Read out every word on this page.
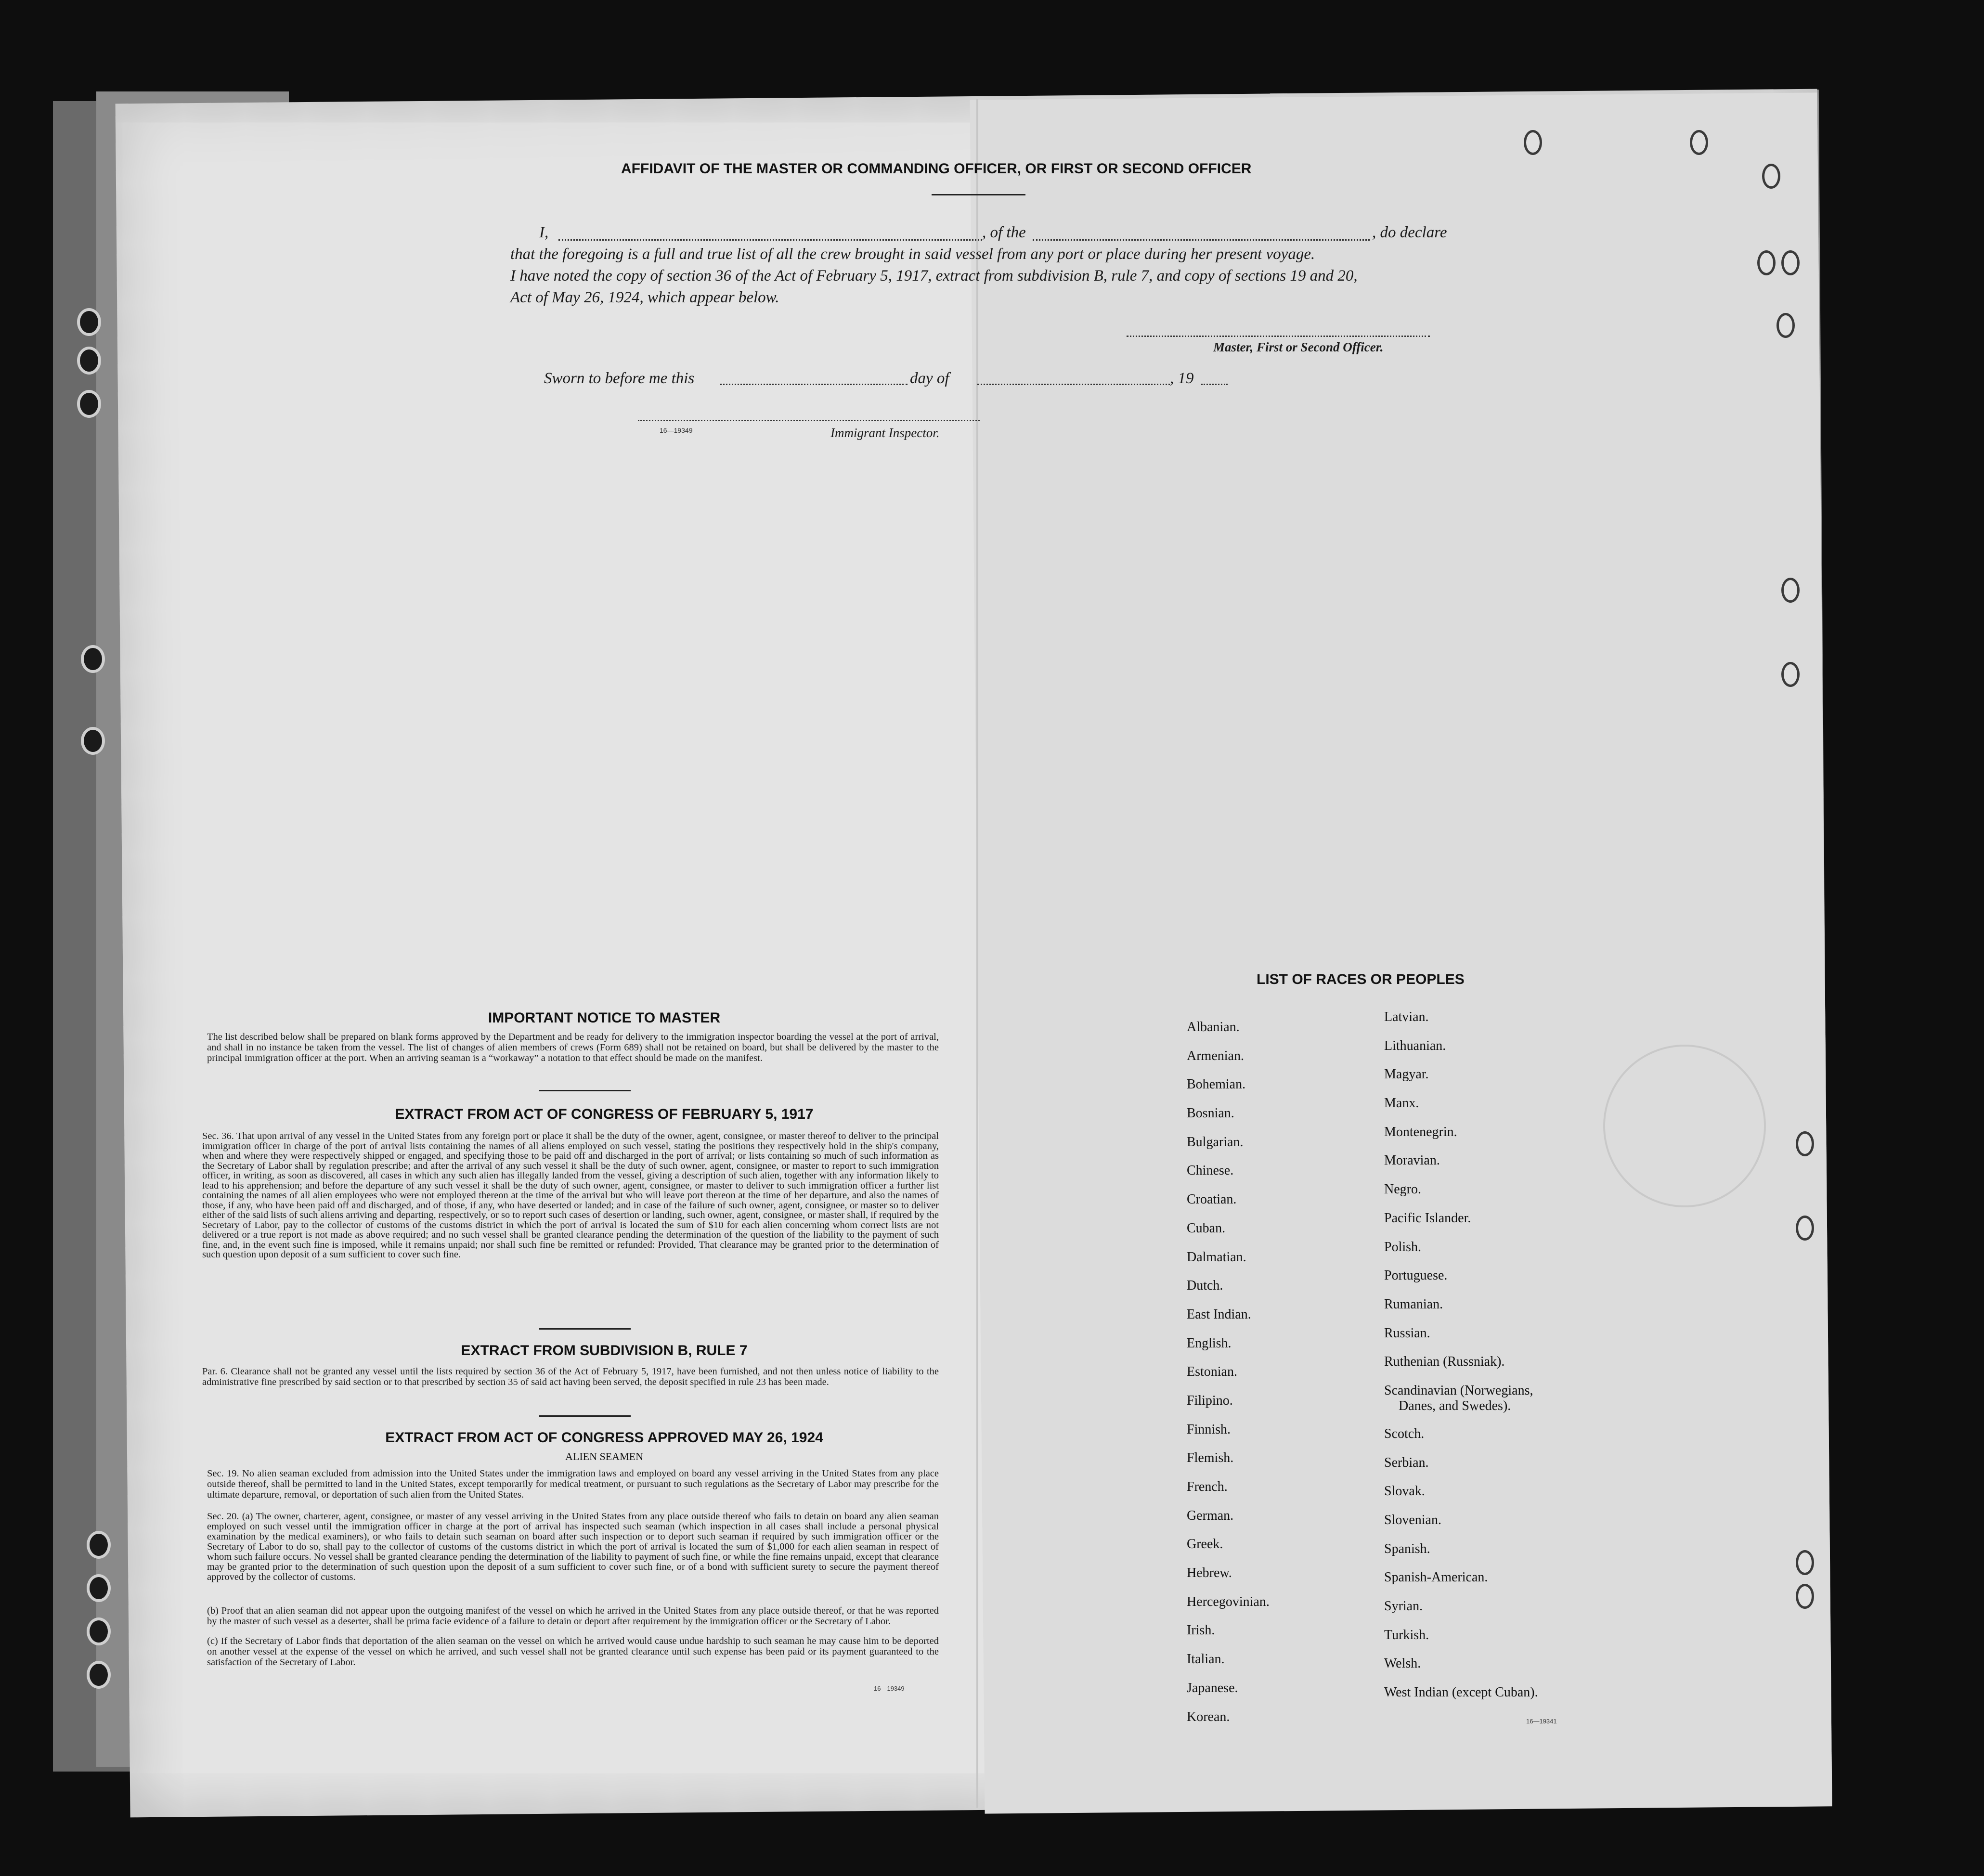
AFFIDAVIT OF THE MASTER OR COMMANDING OFFICER, OR FIRST OR SECOND OFFICER
I,	, of the	, do declare
that the foregoing is a full and true list of all the crew brought in said vessel from any port or place during her present voyage.
I have noted the copy of section 36 of the Act of February 5, 1917, extract from subdivision B, rule 7, and copy of sections 19 and 20,
Act of May 26, 1924, which appear below.
Master, First or Second Officer.
Sworn to before me this	day of	, 19
16—19349	Immigrant Inspector.
IMPORTANT NOTICE TO MASTER
The list described below shall be prepared on blank forms approved by the Department and be ready for delivery to the immigration inspector boarding the vessel at the port of arrival, and shall in no instance be taken from the vessel. The list of changes of alien members of crews (Form 689) shall not be retained on board, but shall be delivered by the master to the principal immigration officer at the port. When an arriving seaman is a “workaway” a notation to that effect should be made on the manifest.
EXTRACT FROM ACT OF CONGRESS OF FEBRUARY 5, 1917
Sec. 36. That upon arrival of any vessel in the United States from any foreign port or place it shall be the duty of the owner, agent, consignee, or master thereof to deliver to the principal immigration officer in charge of the port of arrival lists containing the names of all aliens employed on such vessel, stating the positions they respectively hold in the ship's company, when and where they were respectively shipped or engaged, and specifying those to be paid off and discharged in the port of arrival; or lists containing so much of such information as the Secretary of Labor shall by regulation prescribe; and after the arrival of any such vessel it shall be the duty of such owner, agent, consignee, or master to report to such immigration officer, in writing, as soon as discovered, all cases in which any such alien has illegally landed from the vessel, giving a description of such alien, together with any information likely to lead to his apprehension; and before the departure of any such vessel it shall be the duty of such owner, agent, consignee, or master to deliver to such immigration officer a further list containing the names of all alien employees who were not employed thereon at the time of the arrival but who will leave port thereon at the time of her departure, and also the names of those, if any, who have been paid off and discharged, and of those, if any, who have deserted or landed; and in case of the failure of such owner, agent, consignee, or master so to deliver either of the said lists of such aliens arriving and departing, respectively, or so to report such cases of desertion or landing, such owner, agent, consignee, or master shall, if required by the Secretary of Labor, pay to the collector of customs of the customs district in which the port of arrival is located the sum of $10 for each alien concerning whom correct lists are not delivered or a true report is not made as above required; and no such vessel shall be granted clearance pending the determination of the question of the liability to the payment of such fine, and, in the event such fine is imposed, while it remains unpaid; nor shall such fine be remitted or refunded: Provided, That clearance may be granted prior to the determination of such question upon deposit of a sum sufficient to cover such fine.
EXTRACT FROM SUBDIVISION B, RULE 7
Par. 6. Clearance shall not be granted any vessel until the lists required by section 36 of the Act of February 5, 1917, have been furnished, and not then unless notice of liability to the administrative fine prescribed by said section or to that prescribed by section 35 of said act having been served, the deposit specified in rule 23 has been made.
EXTRACT FROM ACT OF CONGRESS APPROVED MAY 26, 1924
ALIEN SEAMEN
Sec. 19. No alien seaman excluded from admission into the United States under the immigration laws and employed on board any vessel arriving in the United States from any place outside thereof, shall be permitted to land in the United States, except temporarily for medical treatment, or pursuant to such regulations as the Secretary of Labor may prescribe for the ultimate departure, removal, or deportation of such alien from the United States.
Sec. 20. (a) The owner, charterer, agent, consignee, or master of any vessel arriving in the United States from any place outside thereof who fails to detain on board any alien seaman employed on such vessel until the immigration officer in charge at the port of arrival has inspected such seaman (which inspection in all cases shall include a personal physical examination by the medical examiners), or who fails to detain such seaman on board after such inspection or to deport such seaman if required by such immigration officer or the Secretary of Labor to do so, shall pay to the collector of customs of the customs district in which the port of arrival is located the sum of $1,000 for each alien seaman in respect of whom such failure occurs. No vessel shall be granted clearance pending the determination of the liability to payment of such fine, or while the fine remains unpaid, except that clearance may be granted prior to the determination of such question upon the deposit of a sum sufficient to cover such fine, or of a bond with sufficient surety to secure the payment thereof approved by the collector of customs.
(b) Proof that an alien seaman did not appear upon the outgoing manifest of the vessel on which he arrived in the United States from any place outside thereof, or that he was reported by the master of such vessel as a deserter, shall be prima facie evidence of a failure to detain or deport after requirement by the immigration officer or the Secretary of Labor.
(c) If the Secretary of Labor finds that deportation of the alien seaman on the vessel on which he arrived would cause undue hardship to such seaman he may cause him to be deported on another vessel at the expense of the vessel on which he arrived, and such vessel shall not be granted clearance until such expense has been paid or its payment guaranteed to the satisfaction of the Secretary of Labor.
16—19349
LIST OF RACES OR PEOPLES
Albanian.
Armenian.
Bohemian.
Bosnian.
Bulgarian.
Chinese.
Croatian.
Cuban.
Dalmatian.
Dutch.
East Indian.
English.
Estonian.
Filipino.
Finnish.
Flemish.
French.
German.
Greek.
Hebrew.
Hercegovinian.
Irish.
Italian.
Japanese.
Korean.
Latvian.
Lithuanian.
Magyar.
Manx.
Montenegrin.
Moravian.
Negro.
Pacific Islander.
Polish.
Portuguese.
Rumanian.
Russian.
Ruthenian (Russniak).
Scandinavian (Norwegians,
Danes, and Swedes).
Scotch.
Serbian.
Slovak.
Slovenian.
Spanish.
Spanish-American.
Syrian.
Turkish.
Welsh.
West Indian (except Cuban).
16—19341
